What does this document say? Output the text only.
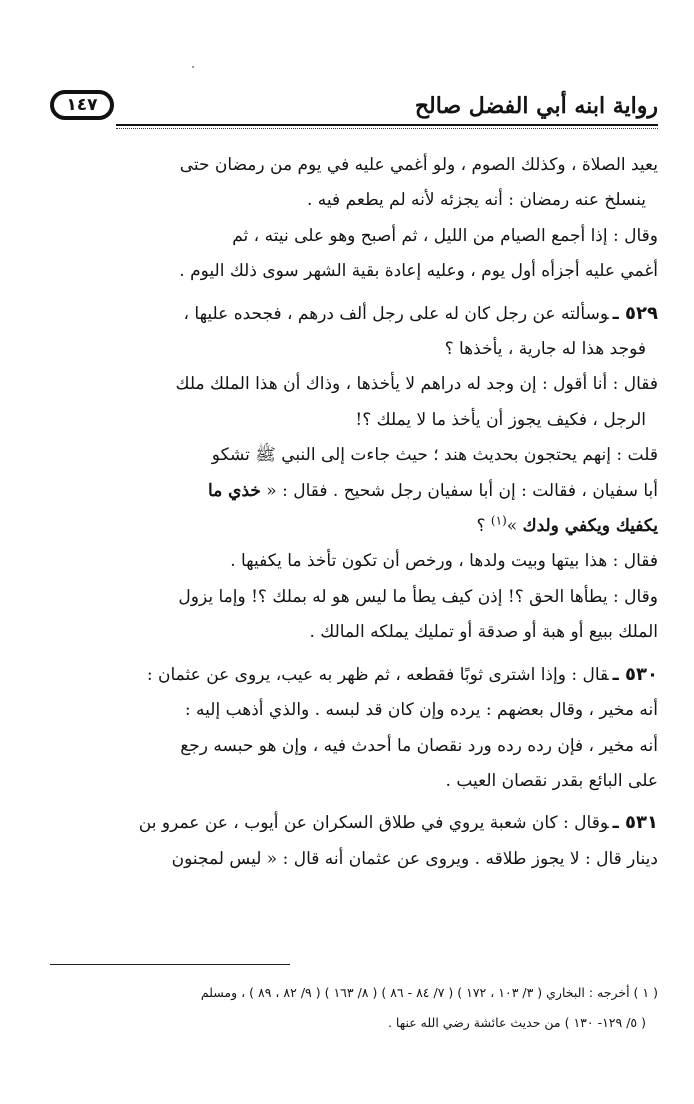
رواية ابنه أبي الفضل صالح
١٤٧
يعيد الصلاة ، وكذلك الصوم ، ولو أغمي عليه في يوم من رمضان حتى
ينسلخ عنه رمضان : أنه يجزئه لأنه لم يطعم فيه .
وقال : إذا أجمع الصيام من الليل ، ثم أصبح وهو على نيته ، ثم
أغمي عليه أجزأه أول يوم ، وعليه إعادة بقية الشهر سوى ذلك اليوم .
٥٢٩ ـوسألته عن رجل كان له على رجل ألف درهم ، فجحده عليها ،
فوجد هذا له جارية ، يأخذها ؟
فقال : أنا أقول : إن وجد له دراهم لا يأخذها ، وذاك أن هذا الملك ملك
الرجل ، فكيف يجوز أن يأخذ ما لا يملك ؟!
قلت : إنهم يحتجون بحديث هند ؛ حيث جاءت إلى النبي ﷺ تشكو
أبا سفيان ، فقالت : إن أبا سفيان رجل شحيح . فقال : « خذي ما
يكفيك ويكفي ولدك »$^{(١)}$ ؟
فقال : هذا بيتها وبيت ولدها ، ورخص أن تكون تأخذ ما يكفيها .
وقال : يطأها الحق ؟! إذن كيف يطأ ما ليس هو له بملك ؟! وإما يزول
الملك ببيع أو هبة أو صدقة أو تمليك يملكه المالك .
٥٣٠ ـقال : وإذا اشترى ثوبًا فقطعه ، ثم ظهر به عيب، يروى عن عثمان :
أنه مخير ، وقال بعضهم : يرده وإن كان قد لبسه . والذي أذهب إليه :
أنه مخير ، فإن رده رده ورد نقصان ما أحدث فيه ، وإن هو حبسه رجع
على البائع بقدر نقصان العيب .
٥٣١ ـوقال : كان شعبة يروي في طلاق السكران عن أيوب ، عن عمرو بن
دينار قال : لا يجوز طلاقه . ويروى عن عثمان أنه قال : « ليس لمجنون
( ١ ) أخرجه : البخاري ( ٣/ ١٠٣ ، ١٧٢ ) ( ٧/ ٨٤ - ٨٦ ) ( ٨/ ١٦٣ ) ( ٩/ ٨٢ ، ٨٩ ) ، ومسلم
( ٥/ ١٢٩- ١٣٠ ) من حديث عائشة رضي الله عنها .
